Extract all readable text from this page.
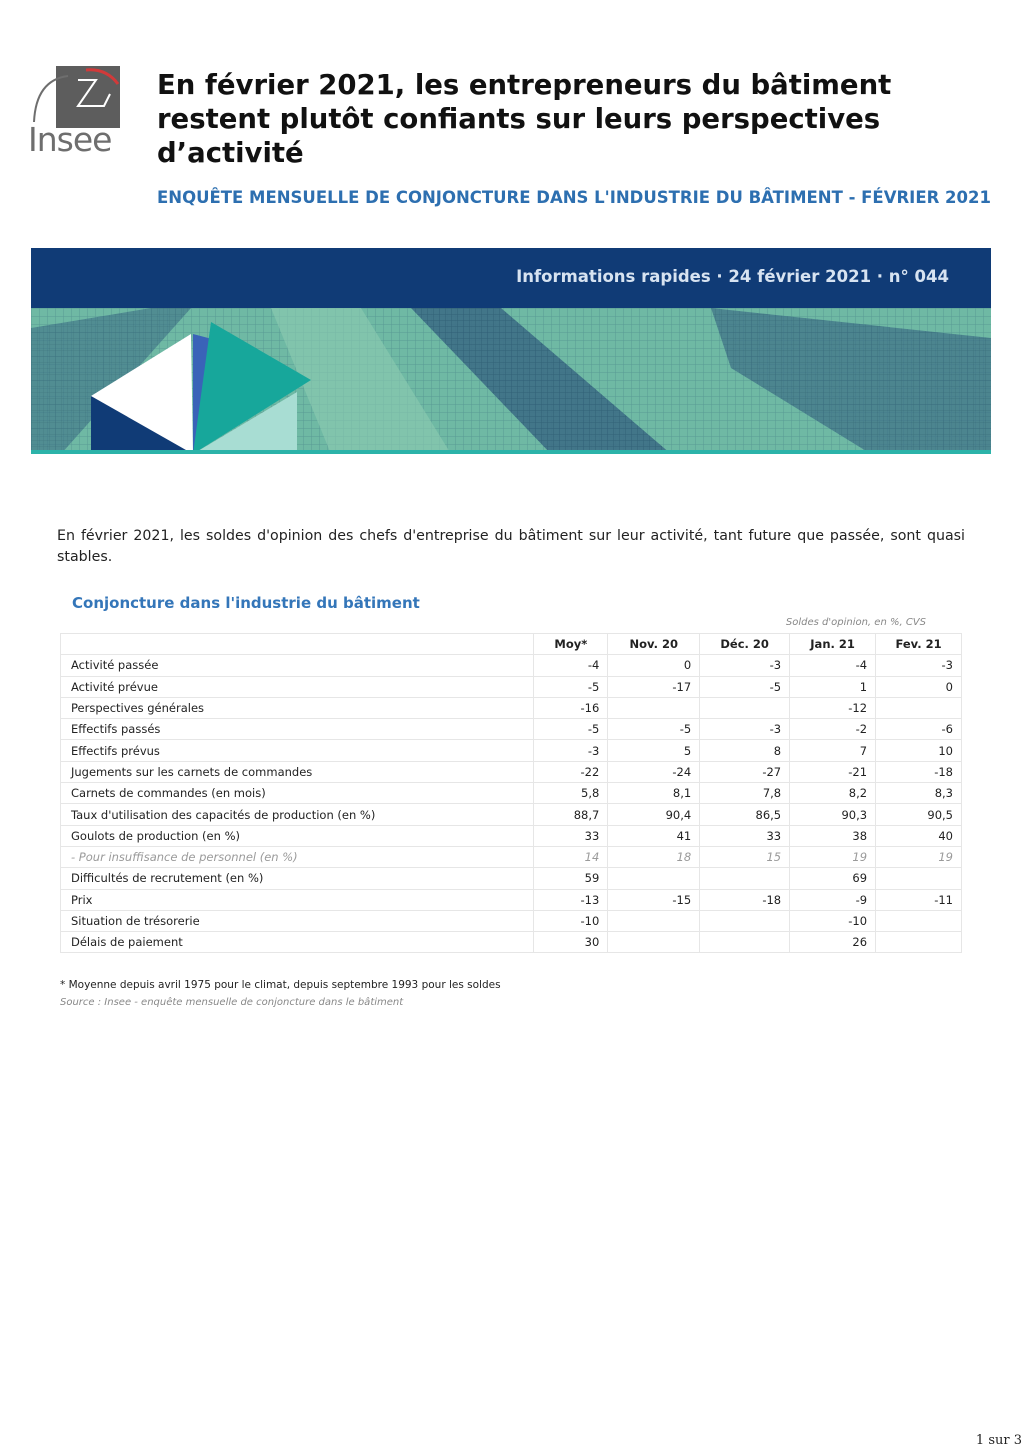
Insee
En février 2021, les entrepreneurs du bâtiment restent plutôt confiants sur leurs perspectives d’activité
ENQUÊTE MENSUELLE DE CONJONCTURE DANS L'INDUSTRIE DU BÂTIMENT - FÉVRIER 2021
Informations rapides · 24 février 2021 · n° 044
En février 2021, les soldes d'opinion des chefs d'entreprise du bâtiment sur leur activité, tant future que passée, sont quasi stables.
Conjoncture dans l'industrie du bâtiment
Soldes d'opinion, en %, CVS
	Moy*	Nov. 20	Déc. 20	Jan. 21	Fev. 21
Activité passée	-4	0	-3	-4	-3
Activité prévue	-5	-17	-5	1	0
Perspectives générales	-16			-12	
Effectifs passés	-5	-5	-3	-2	-6
Effectifs prévus	-3	5	8	7	10
Jugements sur les carnets de commandes	-22	-24	-27	-21	-18
Carnets de commandes (en mois)	5,8	8,1	7,8	8,2	8,3
Taux d'utilisation des capacités de production (en %)	88,7	90,4	86,5	90,3	90,5
Goulots de production (en %)	33	41	33	38	40
- Pour insuffisance de personnel (en %)	14	18	15	19	19
Difficultés de recrutement (en %)	59			69	
Prix	-13	-15	-18	-9	-11
Situation de trésorerie	-10			-10	
Délais de paiement	30			26	
* Moyenne depuis avril 1975 pour le climat, depuis septembre 1993 pour les soldes
Source : Insee - enquête mensuelle de conjoncture dans le bâtiment
1 sur 3
